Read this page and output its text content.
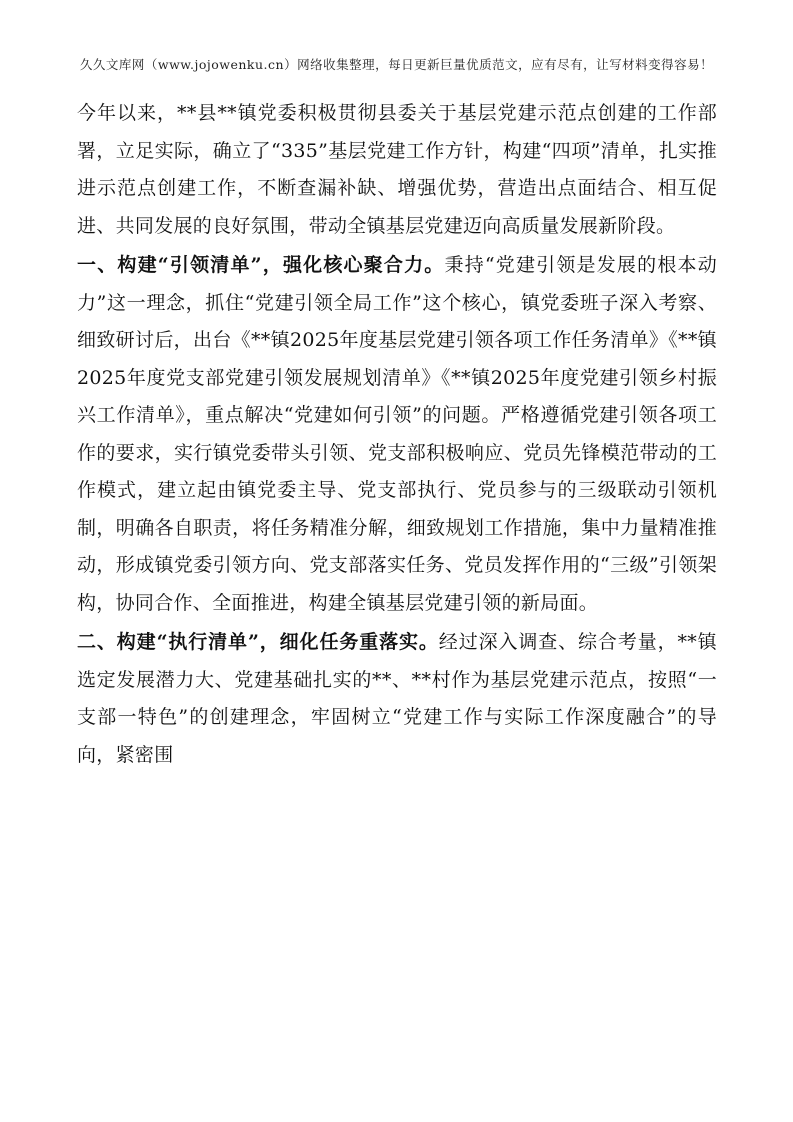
久久文库网（www.jojowenku.cn）网络收集整理，每日更新巨量优质范文，应有尽有，让写材料变得容易！

今年以来，**县**镇党委积极贯彻县委关于基层党建示范点创建的工作部署，立足实际，确立了“335”基层党建工作方针，构建“四项”清单，扎实推进示范点创建工作，不断查漏补缺、增强优势，营造出点面结合、相互促进、共同发展的良好氛围，带动全镇基层党建迈向高质量发展新阶段。

一、构建“引领清单”，强化核心聚合力。秉持“党建引领是发展的根本动力”这一理念，抓住“党建引领全局工作”这个核心，镇党委班子深入考察、细致研讨后，出台《**镇2025年度基层党建引领各项工作任务清单》《**镇2025年度党支部党建引领发展规划清单》《**镇2025年度党建引领乡村振兴工作清单》，重点解决“党建如何引领”的问题。严格遵循党建引领各项工作的要求，实行镇党委带头引领、党支部积极响应、党员先锋模范带动的工作模式，建立起由镇党委主导、党支部执行、党员参与的三级联动引领机制，明确各自职责，将任务精准分解，细致规划工作措施，集中力量精准推动，形成镇党委引领方向、党支部落实任务、党员发挥作用的“三级”引领架构，协同合作、全面推进，构建全镇基层党建引领的新局面。

二、构建“执行清单”，细化任务重落实。经过深入调查、综合考量，**镇选定发展潜力大、党建基础扎实的**、**村作为基层党建示范点，按照“一支部一特色”的创建理念，牢固树立“党建工作与实际工作深度融合”的导向，紧密围
